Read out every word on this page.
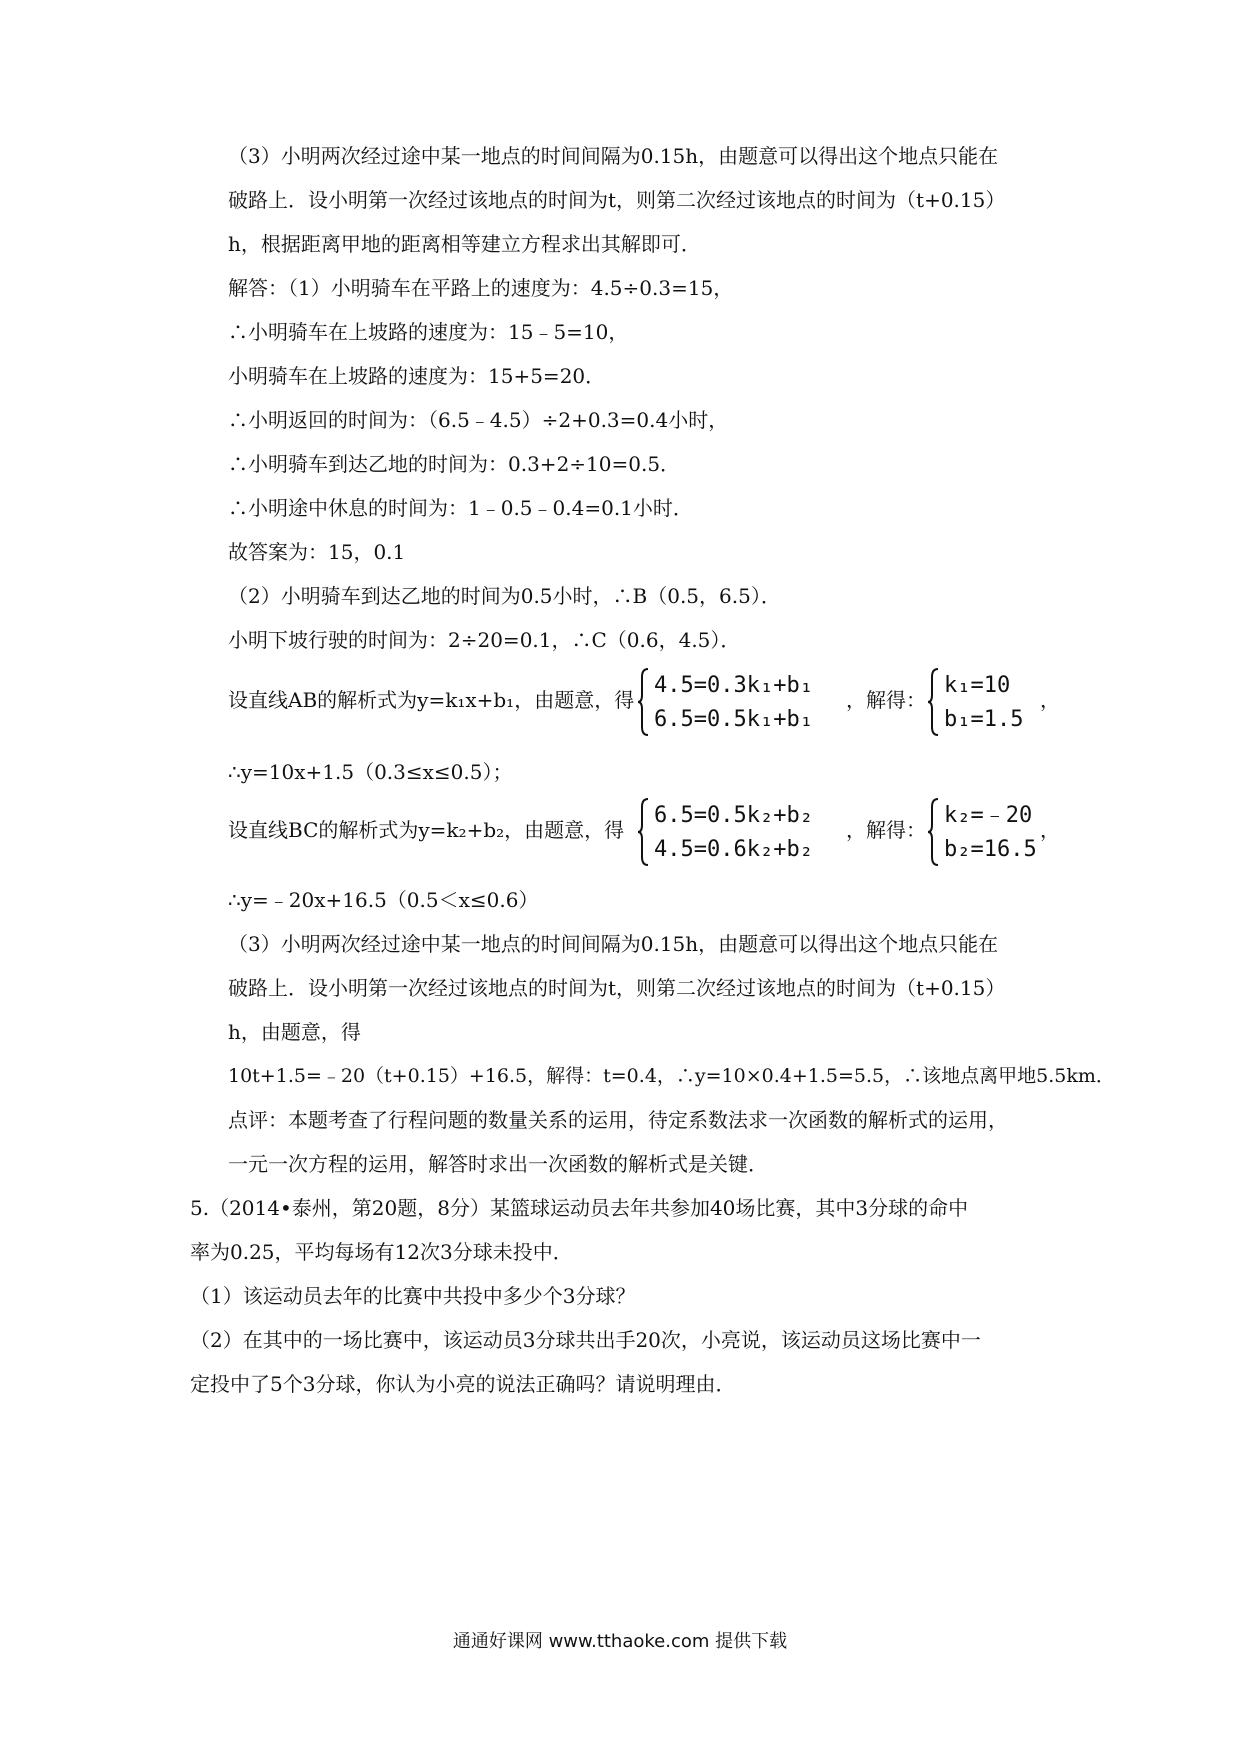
（3）小明两次经过途中某一地点的时间间隔为0.15h，由题意可以得出这个地点只能在
破路上．设小明第一次经过该地点的时间为t，则第二次经过该地点的时间为（t+0.15）
h，根据距离甲地的距离相等建立方程求出其解即可．
解答：（1）小明骑车在平路上的速度为：4.5÷0.3=15，
∴小明骑车在上坡路的速度为：15﹣5=10，
小明骑车在上坡路的速度为：15+5=20．
∴小明返回的时间为：（6.5﹣4.5）÷2+0.3=0.4小时，
∴小明骑车到达乙地的时间为：0.3+2÷10=0.5．
∴小明途中休息的时间为：1﹣0.5﹣0.4=0.1小时．
故答案为：15，0.1
（2）小明骑车到达乙地的时间为0.5小时，∴B（0.5，6.5）．
小明下坡行驶的时间为：2÷20=0.1，∴C（0.6，4.5）．
设直线AB的解析式为y=k₁x+b₁，由题意，得
4.5=0.3k₁+b₁
6.5=0.5k₁+b₁
，解得：
k₁=10
b₁=1.5
，
∴y=10x+1.5（0.3≤x≤0.5）；
设直线BC的解析式为y=k₂+b₂，由题意，得
6.5=0.5k₂+b₂
4.5=0.6k₂+b₂
，解得：
k₂=﹣20
b₂=16.5
，
∴y=﹣20x+16.5（0.5＜x≤0.6）
（3）小明两次经过途中某一地点的时间间隔为0.15h，由题意可以得出这个地点只能在
破路上．设小明第一次经过该地点的时间为t，则第二次经过该地点的时间为（t+0.15）
h，由题意，得
10t+1.5=﹣20（t+0.15）+16.5，解得：t=0.4，∴y=10×0.4+1.5=5.5，∴该地点离甲地5.5km．
点评：本题考查了行程问题的数量关系的运用，待定系数法求一次函数的解析式的运用，
一元一次方程的运用，解答时求出一次函数的解析式是关键．
5.（2014•泰州，第20题，8分）某篮球运动员去年共参加40场比赛，其中3分球的命中
率为0.25，平均每场有12次3分球未投中．
（1）该运动员去年的比赛中共投中多少个3分球？
（2）在其中的一场比赛中，该运动员3分球共出手20次，小亮说，该运动员这场比赛中一
定投中了5个3分球，你认为小亮的说法正确吗？请说明理由．
通通好课网 www.tthaoke.com 提供下载
